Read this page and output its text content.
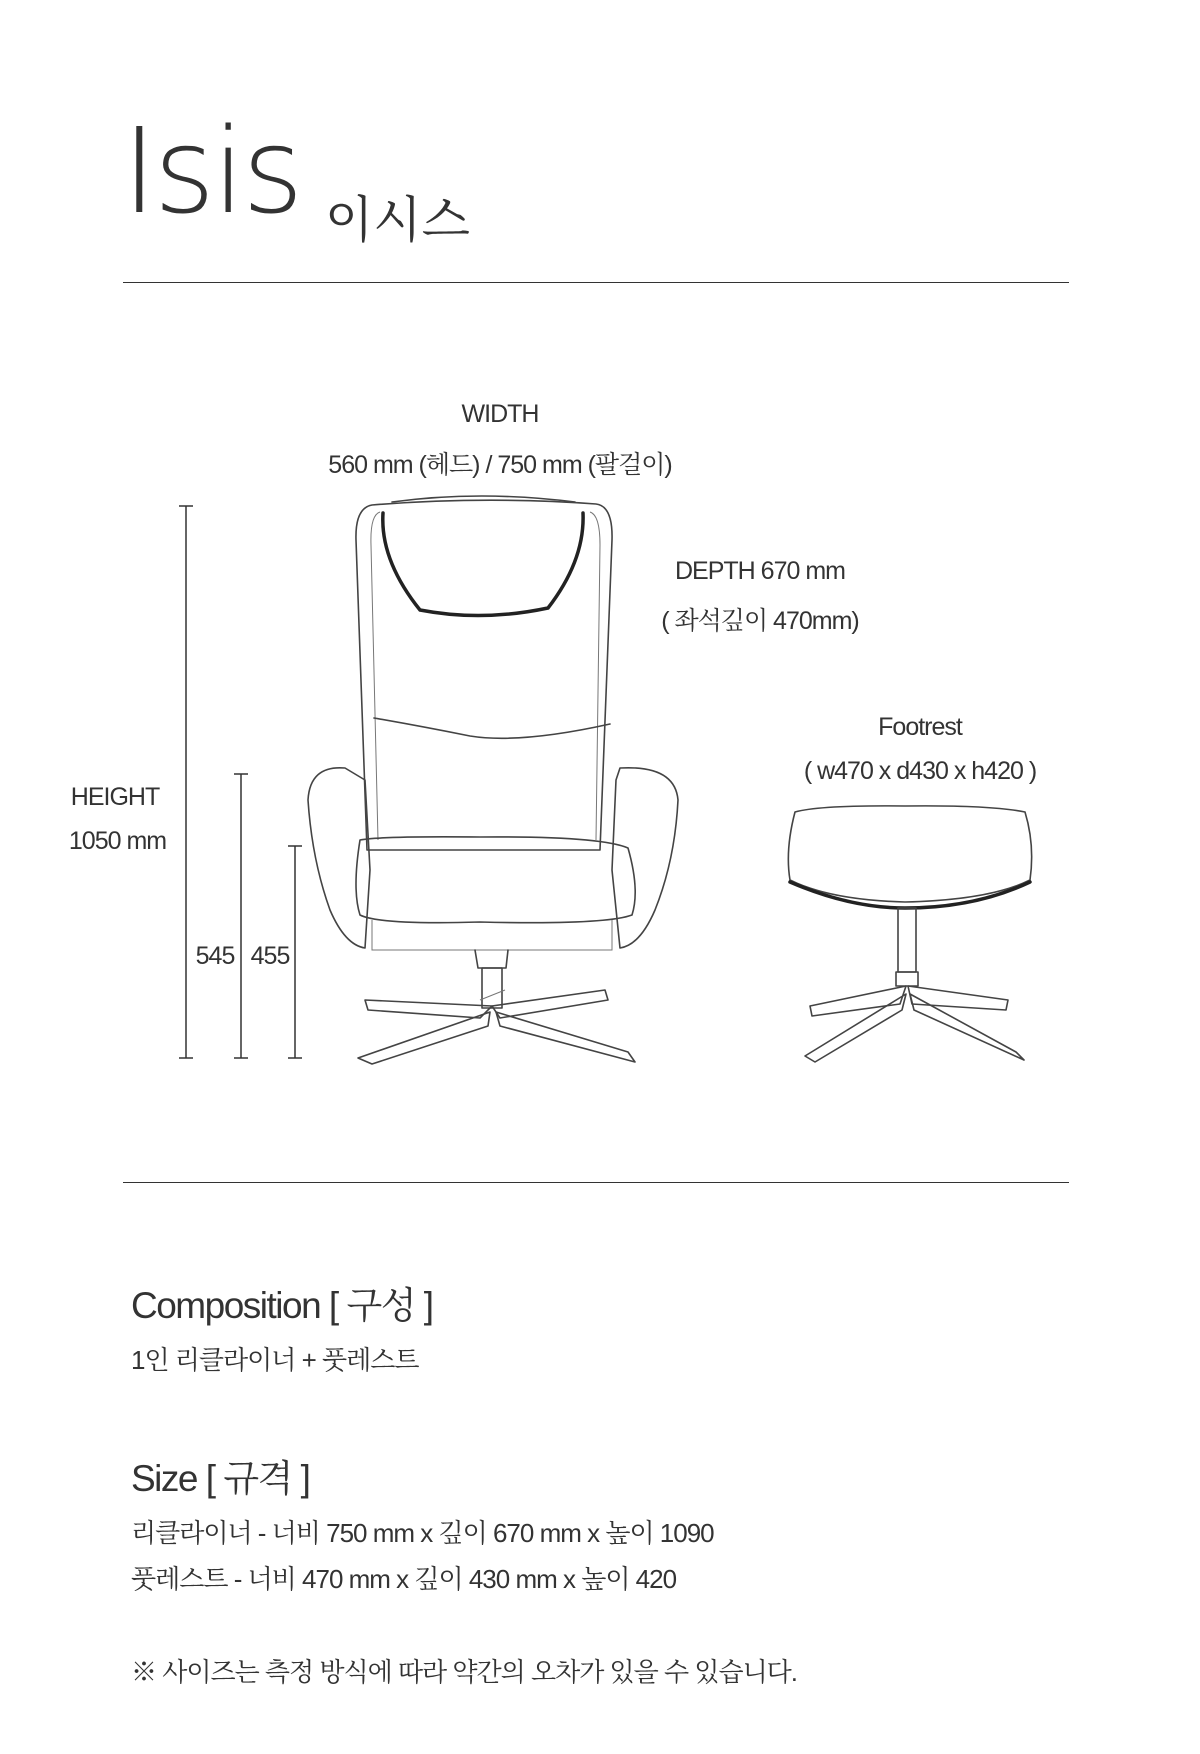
Isis 이시스
WIDTH
560 mm (헤드) / 750 mm (팔걸이)
DEPTH 670 mm
( 좌석깊이 470mm)
Footrest
( w470 x d430 x h420 )
HEIGHT
1050 mm
545 455
Composition [ 구성 ]
1인 리클라이너 + 풋레스트
Size [ 규격 ]
리클라이너 - 너비 750 mm x 깊이 670 mm x 높이 1090
풋레스트 - 너비 470 mm x 깊이 430 mm x 높이 420
※ 사이즈는 측정 방식에 따라 약간의 오차가 있을 수 있습니다.
